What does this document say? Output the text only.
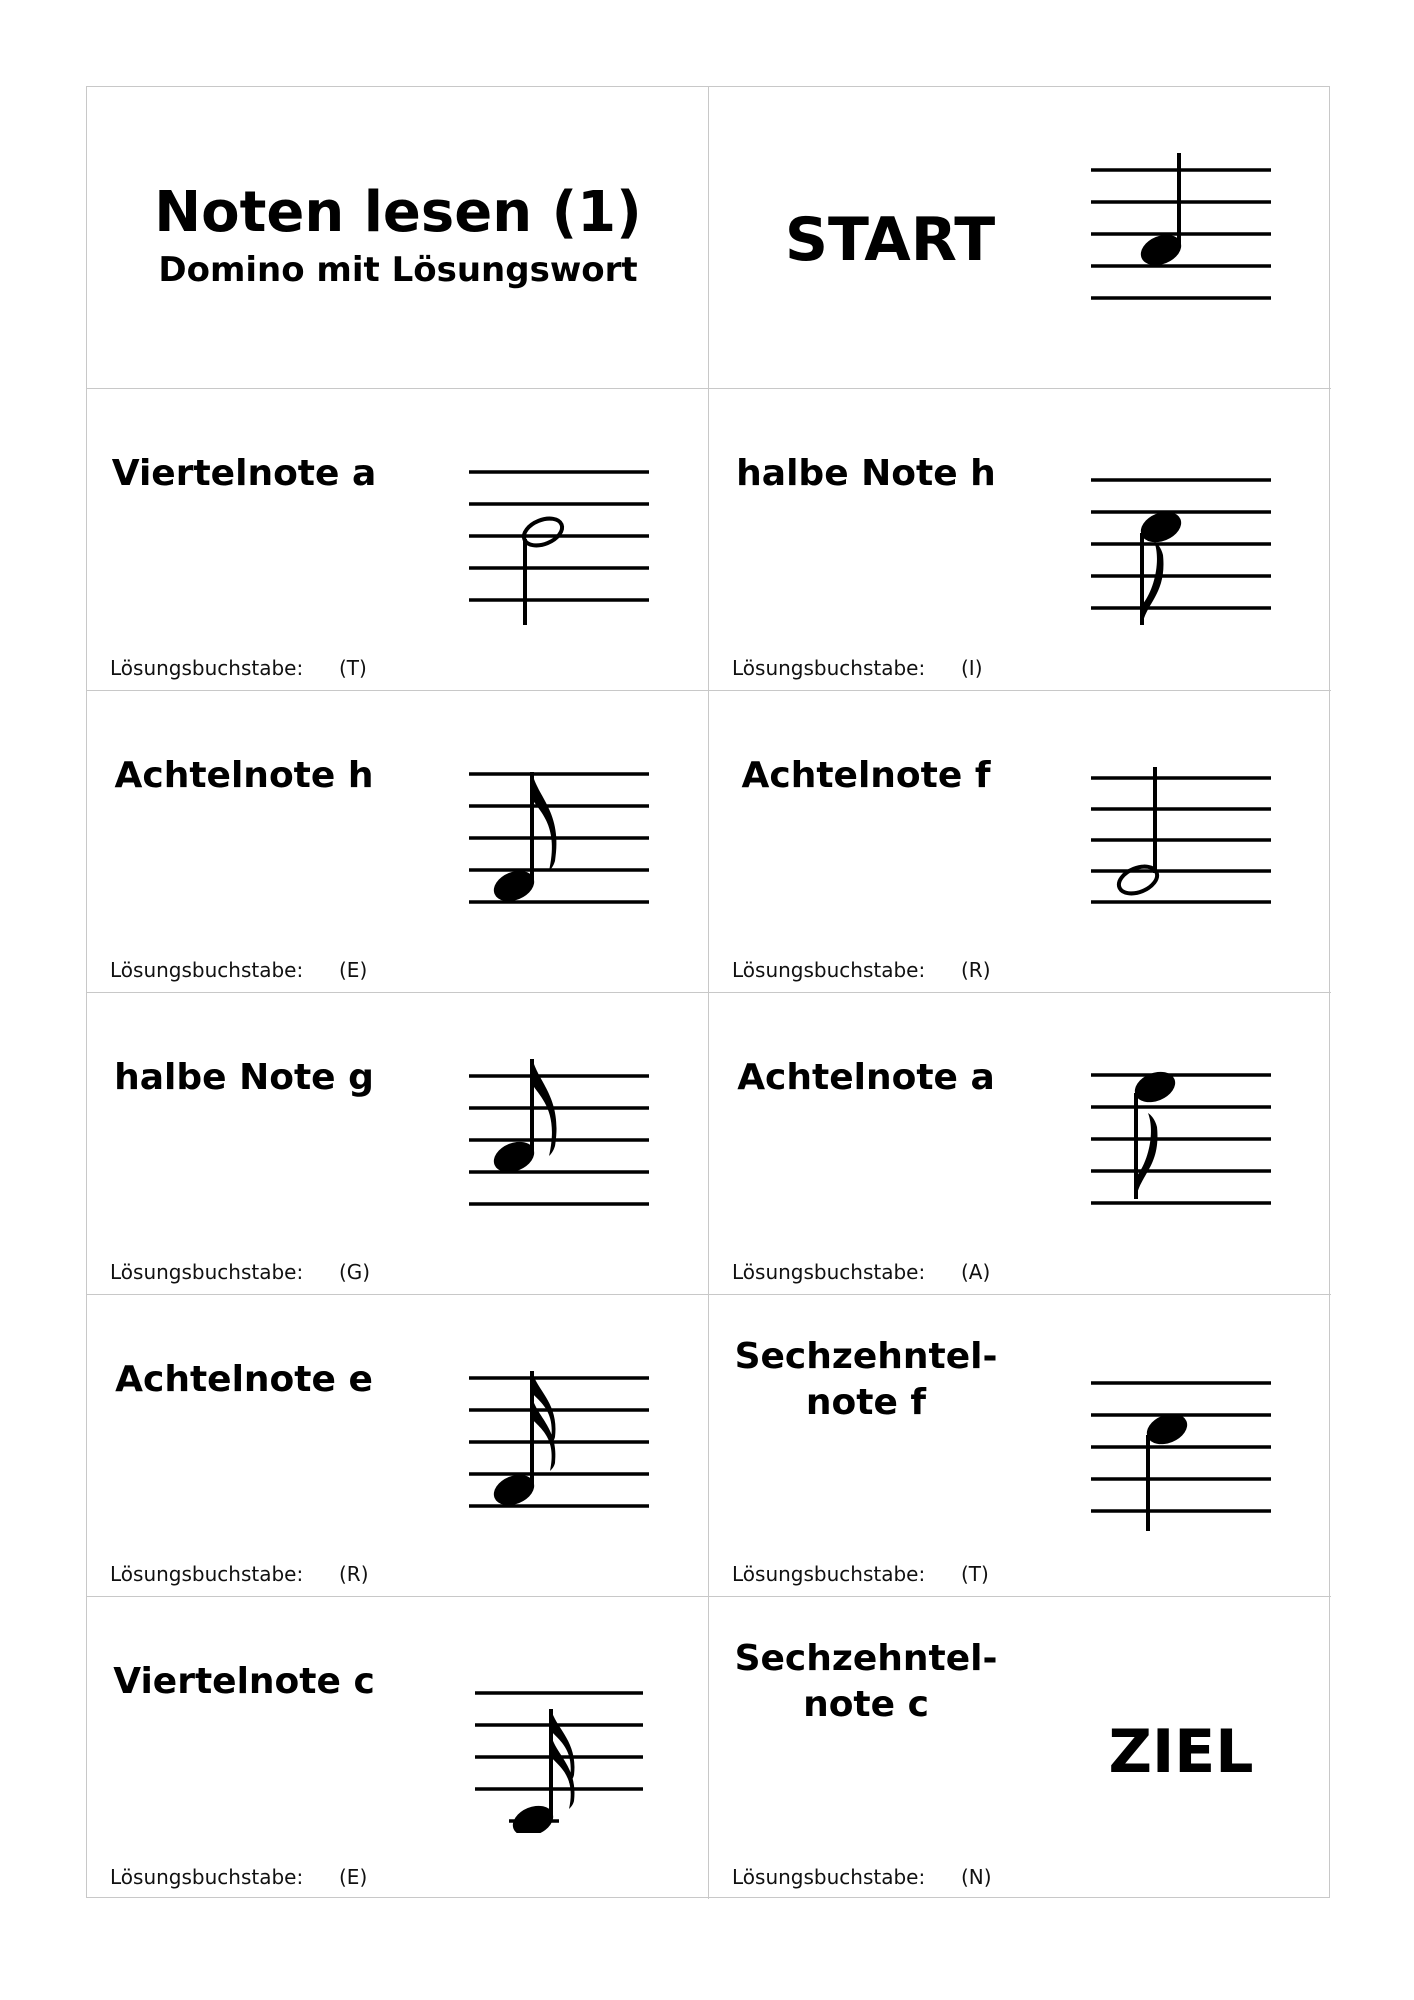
Noten lesen (1)
Domino mit Lösungswort	START
Viertelnote a
Lösungsbuchstabe:	(T)
halbe Note h
Lösungsbuchstabe:	(I)
Achtelnote h
Lösungsbuchstabe:	(E)
Achtelnote f
Lösungsbuchstabe:	(R)
halbe Note g
Lösungsbuchstabe:	(G)
Achtelnote a
Lösungsbuchstabe:	(A)
Achtelnote e
Lösungsbuchstabe:	(R)
Sechzehntel-
note f
Lösungsbuchstabe:	(T)
Viertelnote c
Lösungsbuchstabe:	(E)
Sechzehntel-
note c
ZIEL
Lösungsbuchstabe:	(N)
